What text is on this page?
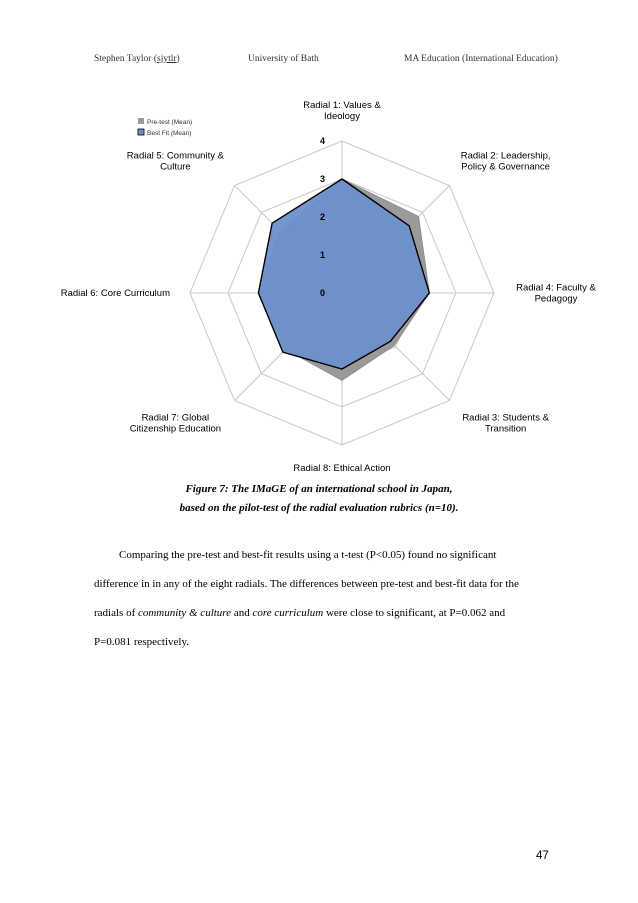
Stephen Taylor (sjytlr)	University of Bath	MA Education (International Education)
0
1
2
3
4
Radial 1: Values & Ideology
Radial 2: Leadership, Policy & Governance
Radial 4: Faculty & Pedagogy
Radial 3: Students & Transition
Radial 8: Ethical Action
Radial 7: Global Citizenship Education
Radial 6: Core Curriculum
Radial 5: Community & Culture
Pre-test (Mean)
Best Fit (Mean)
Figure 7: The IMaGE of an international school in Japan,
based on the pilot-test of the radial evaluation rubrics (n=10).
Comparing the pre-test and best-fit results using a t-test (P<0.05) found no significant
difference in in any of the eight radials. The differences between pre-test and best-fit data for the
radials of community & culture and core curriculum were close to significant, at P=0.062 and
P=0.081 respectively.
47
